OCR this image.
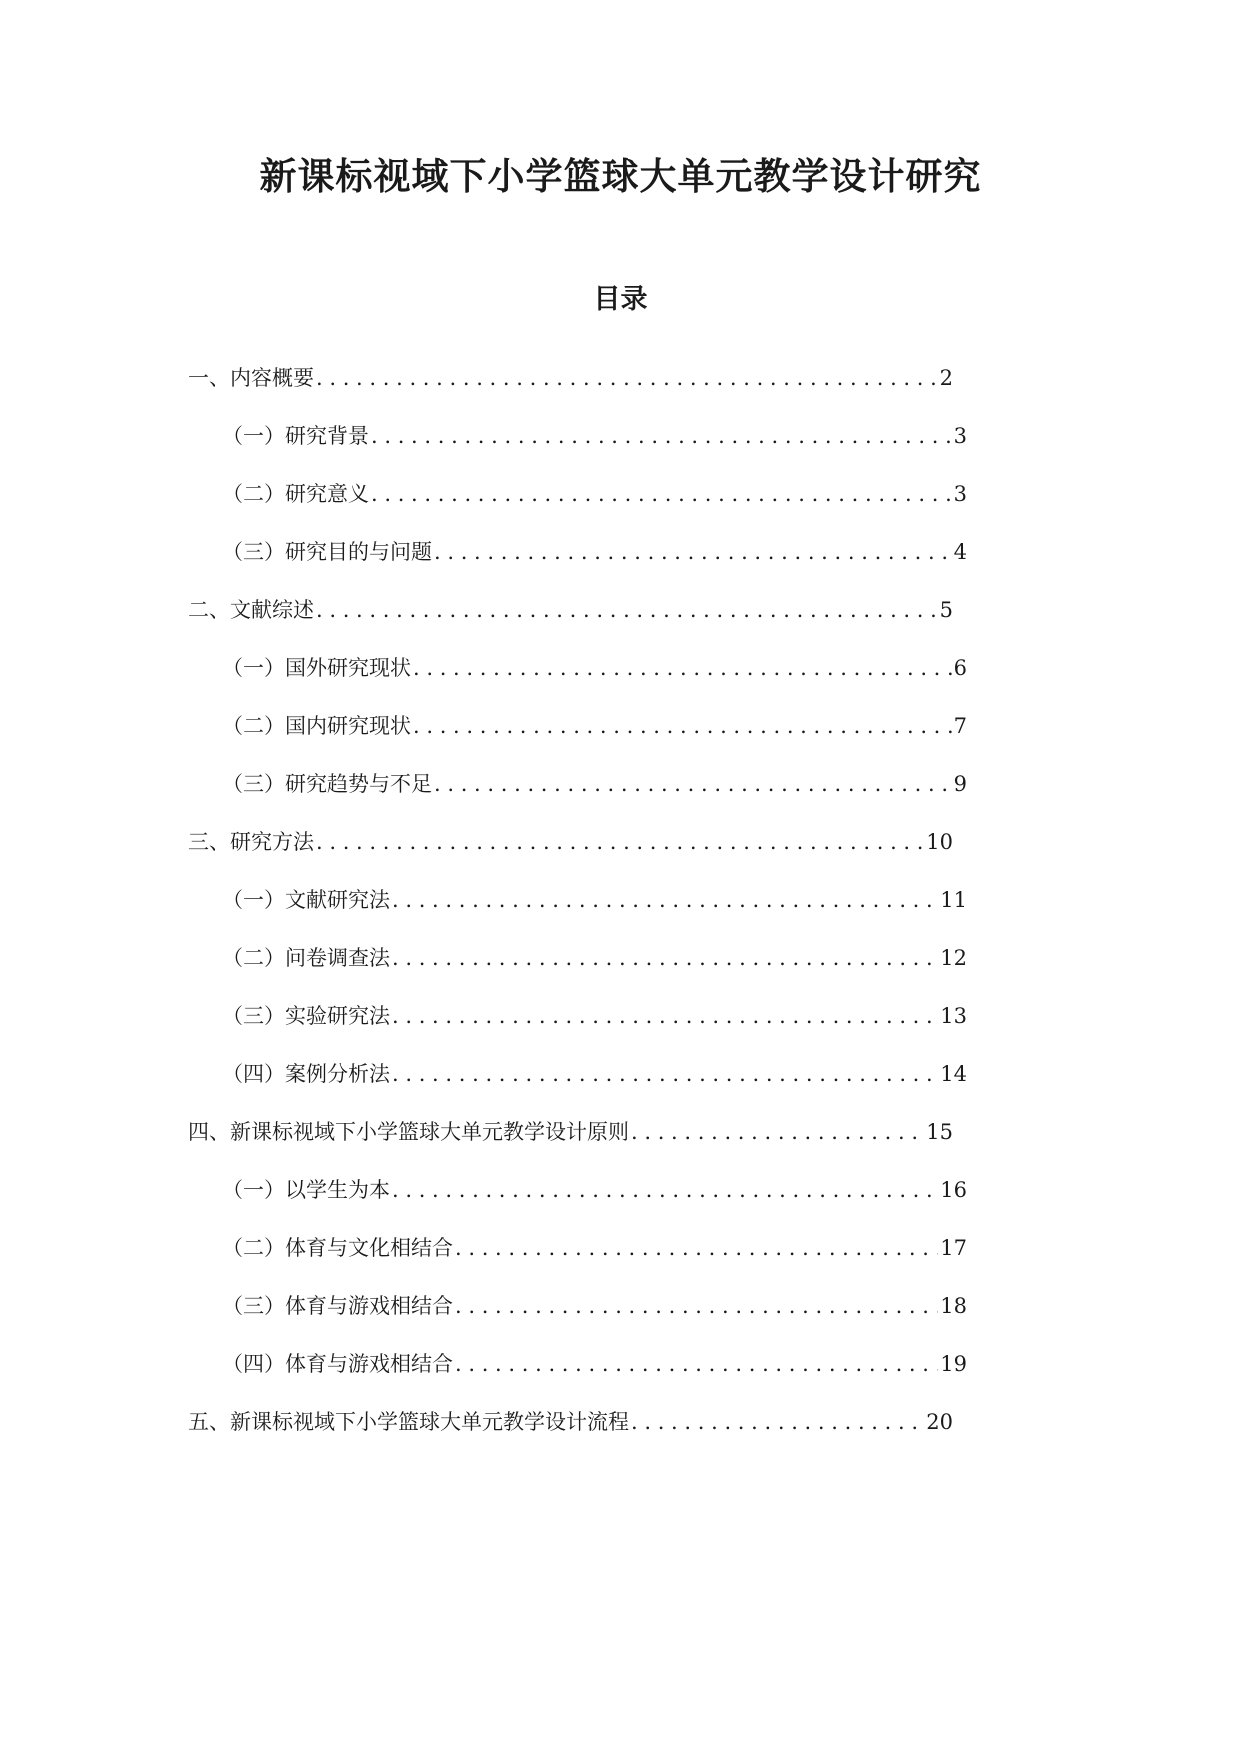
新课标视域下小学篮球大单元教学设计研究
目录
一、内容概要 . . .	2
（一）研究背景 . . .	3
（二）研究意义 . . .	3
（三）研究目的与问题 . . .	4
二、文献综述 . . .	5
（一）国外研究现状 . . .	6
（二）国内研究现状 . . .	7
（三）研究趋势与不足 . . .	9
三、研究方法 . . .	10
（一）文献研究法 . . .	11
（二）问卷调查法 . . .	12
（三）实验研究法 . . .	13
（四）案例分析法 . . .	14
四、新课标视域下小学篮球大单元教学设计原则 . . .	15
（一）以学生为本 . . .	16
（二）体育与文化相结合 . . .	17
（三）体育与游戏相结合 . . .	18
（四）体育与游戏相结合 . . .	19
五、新课标视域下小学篮球大单元教学设计流程 . . .	20
